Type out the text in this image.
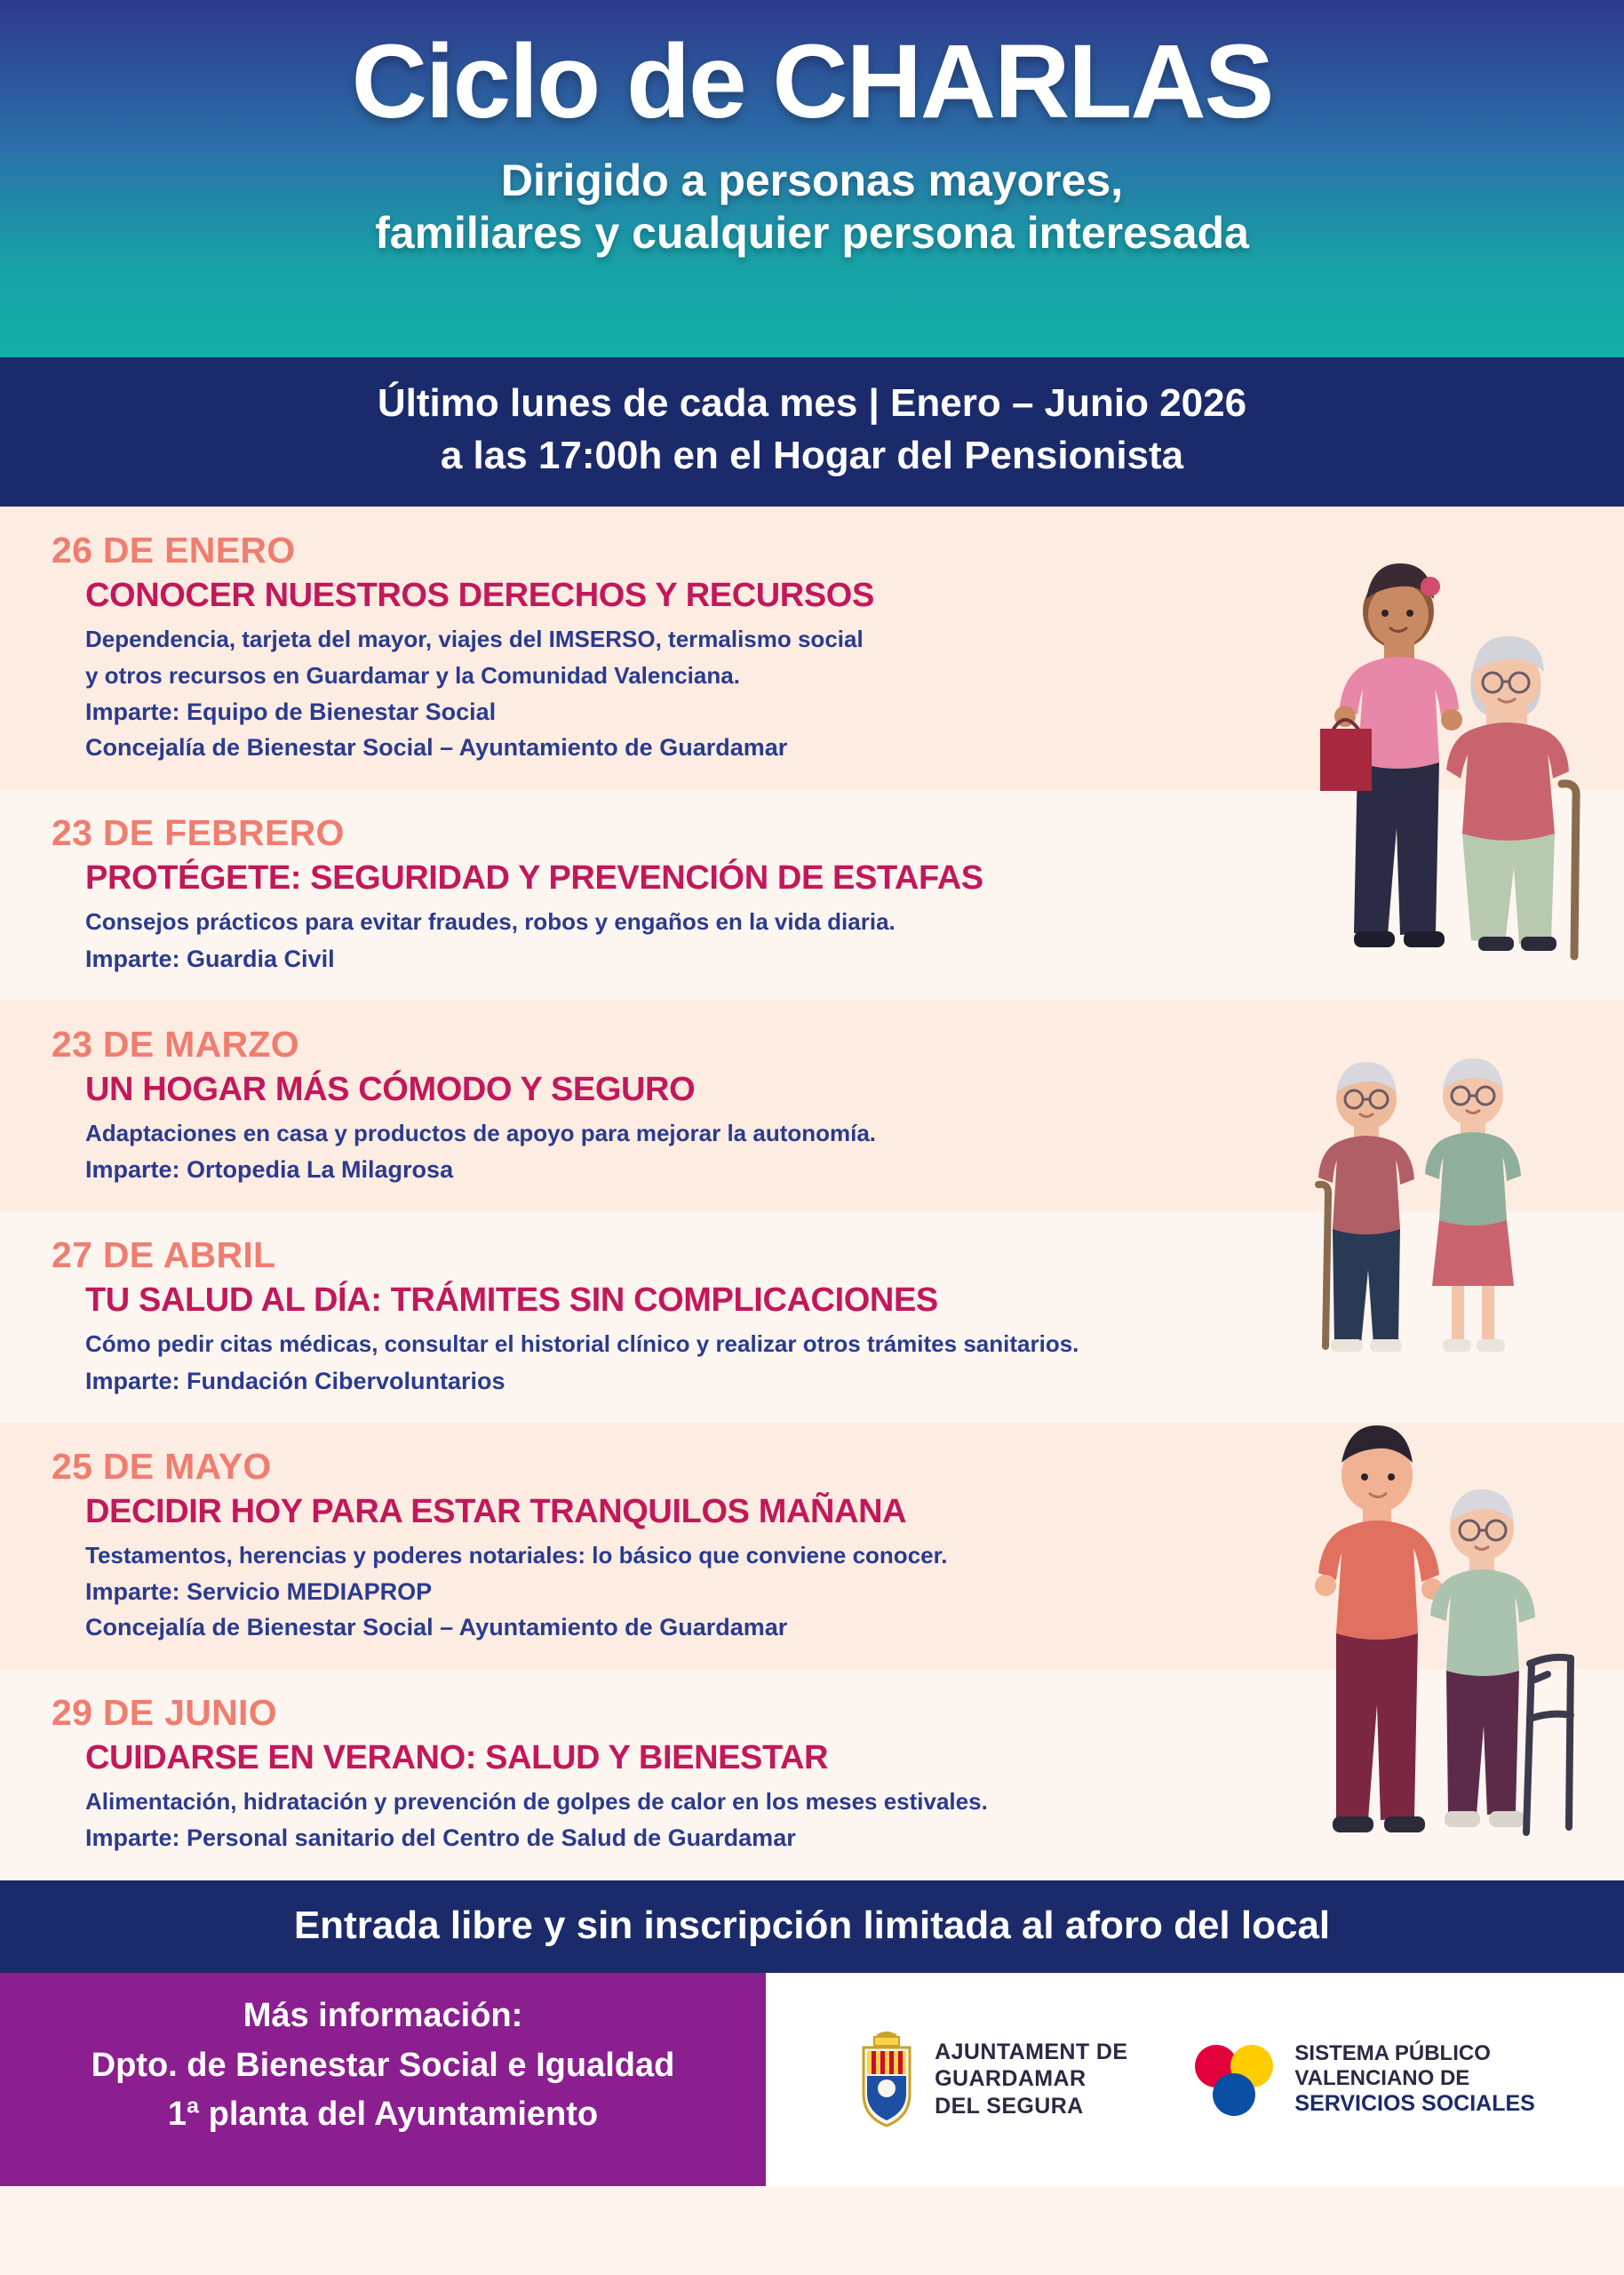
Ciclo de CHARLAS
Dirigido a personas mayores,
familiares y cualquier persona interesada
Último lunes de cada mes | Enero – Junio 2026
a las 17:00h en el Hogar del Pensionista
26 DE ENERO
CONOCER NUESTROS DERECHOS Y RECURSOS
Dependencia, tarjeta del mayor, viajes del IMSERSO, termalismo social
y otros recursos en Guardamar y la Comunidad Valenciana.
Imparte: Equipo de Bienestar Social
Concejalía de Bienestar Social – Ayuntamiento de Guardamar
23 DE FEBRERO
PROTÉGETE: SEGURIDAD Y PREVENCIÓN DE ESTAFAS
Consejos prácticos para evitar fraudes, robos y engaños en la vida diaria.
Imparte: Guardia Civil
23 DE MARZO
UN HOGAR MÁS CÓMODO Y SEGURO
Adaptaciones en casa y productos de apoyo para mejorar la autonomía.
Imparte: Ortopedia La Milagrosa
27 DE ABRIL
TU SALUD AL DÍA: TRÁMITES SIN COMPLICACIONES
Cómo pedir citas médicas, consultar el historial clínico y realizar otros trámites sanitarios.
Imparte: Fundación Cibervoluntarios
25 DE MAYO
DECIDIR HOY PARA ESTAR TRANQUILOS MAÑANA
Testamentos, herencias y poderes notariales: lo básico que conviene conocer.
Imparte: Servicio MEDIAPROP
Concejalía de Bienestar Social – Ayuntamiento de Guardamar
29 DE JUNIO
CUIDARSE EN VERANO: SALUD Y BIENESTAR
Alimentación, hidratación y prevención de golpes de calor en los meses estivales.
Imparte: Personal sanitario del Centro de Salud de Guardamar
Entrada libre y sin inscripción limitada al aforo del local
Más información:
Dpto. de Bienestar Social e Igualdad
1ª planta del Ayuntamiento
AJUNTAMENT DE
GUARDAMAR
DEL SEGURA
SISTEMA PÚBLICO
VALENCIANO DE
SERVICIOS SOCIALES
